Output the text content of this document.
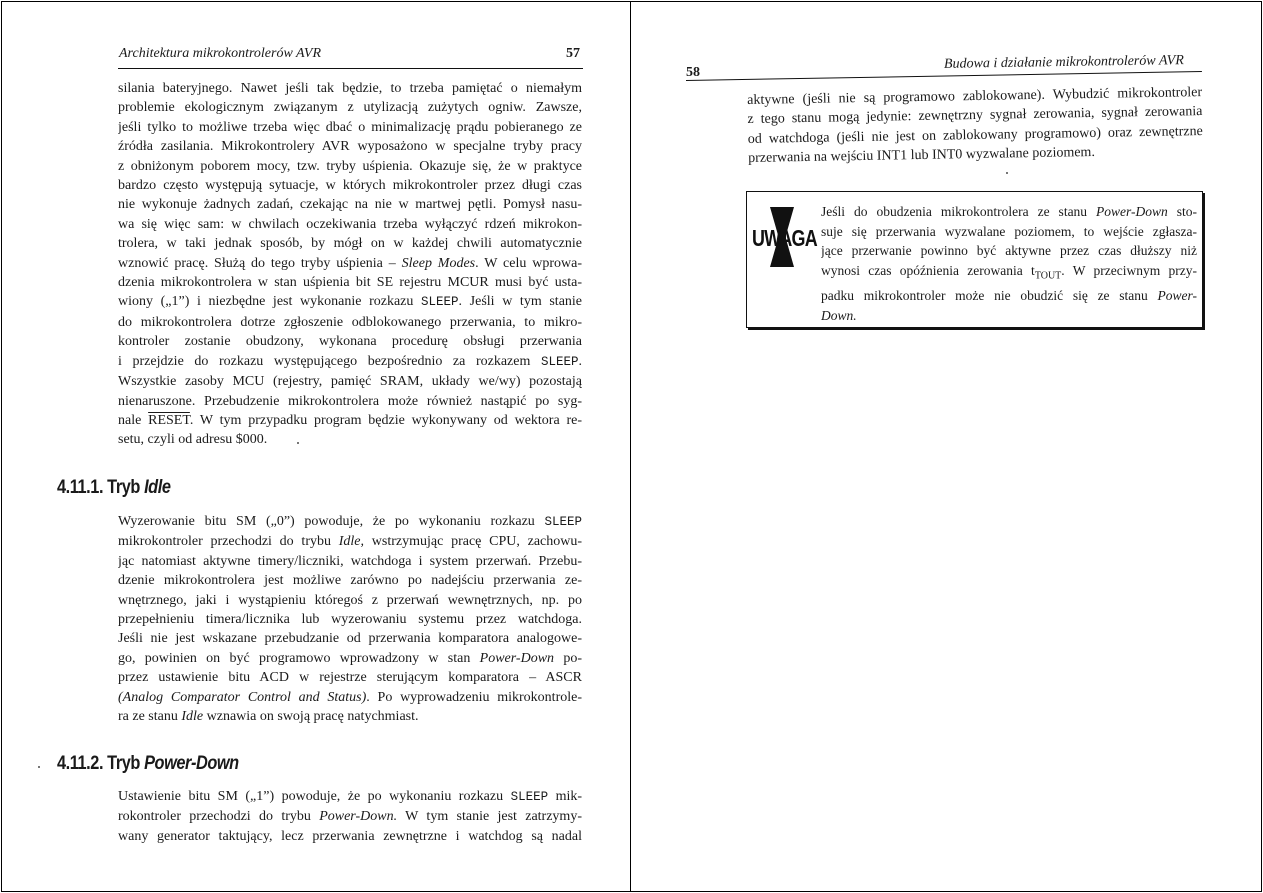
Architektura mikrokontrolerów AVR	57
silania bateryjnego. Nawet jeśli tak będzie, to trzeba pamiętać o niemałym
problemie ekologicznym związanym z utylizacją zużytych ogniw. Zawsze,
jeśli tylko to możliwe trzeba więc dbać o minimalizację prądu pobieranego ze
źródła zasilania. Mikrokontrolery AVR wyposażono w specjalne tryby pracy
z obniżonym poborem mocy, tzw. tryby uśpienia. Okazuje się, że w praktyce
bardzo często występują sytuacje, w których mikrokontroler przez długi czas
nie wykonuje żadnych zadań, czekając na nie w martwej pętli. Pomysł nasu-
wa się więc sam: w chwilach oczekiwania trzeba wyłączyć rdzeń mikrokon-
trolera, w taki jednak sposób, by mógł on w każdej chwili automatycznie
wznowić pracę. Służą do tego tryby uśpienia – Sleep Modes. W celu wprowa-
dzenia mikrokontrolera w stan uśpienia bit SE rejestru MCUR musi być usta-
wiony („1”) i niezbędne jest wykonanie rozkazu SLEEP. Jeśli w tym stanie
do mikrokontrolera dotrze zgłoszenie odblokowanego przerwania, to mikro-
kontroler zostanie obudzony, wykonana procedurę obsługi przerwania
i przejdzie do rozkazu występującego bezpośrednio za rozkazem SLEEP.
Wszystkie zasoby MCU (rejestry, pamięć SRAM, układy we/wy) pozostają
nienaruszone. Przebudzenie mikrokontrolera może również nastąpić po syg-
nale RESET. W tym przypadku program będzie wykonywany od wektora re-
setu, czyli od adresu $000.
4.11.1. Tryb Idle
Wyzerowanie bitu SM („0”) powoduje, że po wykonaniu rozkazu SLEEP
mikrokontroler przechodzi do trybu Idle, wstrzymując pracę CPU, zachowu-
jąc natomiast aktywne timery/liczniki, watchdoga i system przerwań. Przebu-
dzenie mikrokontrolera jest możliwe zarówno po nadejściu przerwania ze-
wnętrznego, jaki i wystąpieniu któregoś z przerwań wewnętrznych, np. po
przepełnieniu timera/licznika lub wyzerowaniu systemu przez watchdoga.
Jeśli nie jest wskazane przebudzanie od przerwania komparatora analogowe-
go, powinien on być programowo wprowadzony w stan Power-Down po-
przez ustawienie bitu ACD w rejestrze sterującym komparatora – ASCR
(Analog Comparator Control and Status). Po wyprowadzeniu mikrokontrole-
ra ze stanu Idle wznawia on swoją pracę natychmiast.
4.11.2. Tryb Power-Down
Ustawienie bitu SM („1”) powoduje, że po wykonaniu rozkazu SLEEP mik-
rokontroler przechodzi do trybu Power-Down. W tym stanie jest zatrzymy-
wany generator taktujący, lecz przerwania zewnętrzne i watchdog są nadal
58
Budowa i działanie mikrokontrolerów AVR
aktywne (jeśli nie są programowo zablokowane). Wybudzić mikrokontroler
z tego stanu mogą jedynie: zewnętrzny sygnał zerowania, sygnał zerowania
od watchdoga (jeśli nie jest on zablokowany programowo) oraz zewnętrzne
przerwania na wejściu INT1 lub INT0 wyzwalane poziomem.
UWAGA
Jeśli do obudzenia mikrokontrolera ze stanu Power-Down sto-
suje się przerwania wyzwalane poziomem, to wejście zgłasza-
jące przerwanie powinno być aktywne przez czas dłuższy niż
wynosi czas opóźnienia zerowania $t_{TOUT}$. W przeciwnym przy-
padku mikrokontroler może nie obudzić się ze stanu Power-
Down.
